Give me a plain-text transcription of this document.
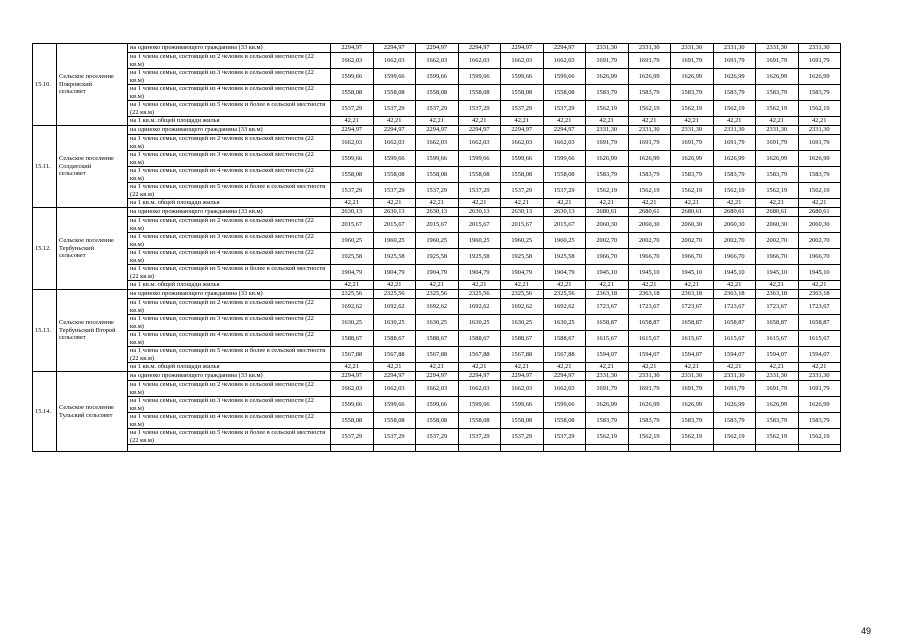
15.10.	Сельское поселение
Покровский
сельсовет	на одиноко проживающего гражданина (33 кв.м)	2294,97	2294,97	2294,97	2294,97	2294,97	2294,97	2331,30	2331,30	2331,30	2331,30	2331,30	2331,30
		на 1 члена семьи, состоящей из 2 человек в сельской местности (22 кв.м)	1662,03	1662,03	1662,03	1662,03	1662,03	1662,03	1691,79	1691,79	1691,79	1691,79	1691,79	1691,79
		на 1 члена семьи, состоящей из 3 человек в сельской местности (22 кв.м)	1599,66	1599,66	1599,66	1599,66	1599,66	1599,66	1626,99	1626,99	1626,99	1626,99	1626,99	1626,99
		на 1 члена семьи, состоящей из 4 человек в сельской местности (22 кв.м)	1558,08	1558,08	1558,08	1558,08	1558,08	1558,08	1583,79	1583,79	1583,79	1583,79	1583,79	1583,79
		на 1 члена семьи, состоящей из 5 человек и более в сельской местности (22 кв.м)	1537,29	1537,29	1537,29	1537,29	1537,29	1537,29	1562,19	1562,19	1562,19	1562,19	1562,19	1562,19
		на 1 кв.м. общей площади жилья	42,21	42,21	42,21	42,21	42,21	42,21	42,21	42,21	42,21	42,21	42,21	42,21
15.11.	Сельское поселение
Солдатский
сельсовет	на одиноко проживающего гражданина (33 кв.м)	2294,97	2294,97	2294,97	2294,97	2294,97	2294,97	2331,30	2331,30	2331,30	2331,30	2331,30	2331,30
		на 1 члена семьи, состоящей из 2 человек в сельской местности (22 кв.м)	1662,03	1662,03	1662,03	1662,03	1662,03	1662,03	1691,79	1691,79	1691,79	1691,79	1691,79	1691,79
		на 1 члена семьи, состоящей из 3 человек в сельской местности (22 кв.м)	1599,66	1599,66	1599,66	1599,66	1599,66	1599,66	1626,99	1626,99	1626,99	1626,99	1626,99	1626,99
		на 1 члена семьи, состоящей из 4 человек в сельской местности (22 кв.м)	1558,08	1558,08	1558,08	1558,08	1558,08	1558,08	1583,79	1583,79	1583,79	1583,79	1583,79	1583,79
		на 1 члена семьи, состоящей из 5 человек и более в сельской местности (22 кв.м)	1537,29	1537,29	1537,29	1537,29	1537,29	1537,29	1562,19	1562,19	1562,19	1562,19	1562,19	1562,19
		на 1 кв.м. общей площади жилья	42,21	42,21	42,21	42,21	42,21	42,21	42,21	42,21	42,21	42,21	42,21	42,21
15.12.	Сельское поселение
Тербуньский
сельсовет	на одиноко проживающего гражданина (33 кв.м)	2630,13	2630,13	2630,13	2630,13	2630,13	2630,13	2680,61	2680,61	2680,61	2680,61	2680,61	2680,61
		на 1 члена семьи, состоящей из 2 человек в сельской местности (22 кв.м)	2015,67	2015,67	2015,67	2015,67	2015,67	2015,67	2060,30	2060,30	2060,30	2060,30	2060,30	2060,30
		на 1 члена семьи, состоящей из 3 человек в сельской местности (22 кв.м)	1960,25	1960,25	1960,25	1960,25	1960,25	1960,25	2002,70	2002,70	2002,70	2002,70	2002,70	2002,70
		на 1 члена семьи, состоящей из 4 человек в сельской местности (22 кв.м)	1925,58	1925,58	1925,58	1925,58	1925,58	1925,58	1966,70	1966,70	1966,70	1966,70	1966,70	1966,70
		на 1 члена семьи, состоящей из 5 человек и более в сельской местности (22 кв.м)	1904,79	1904,79	1904,79	1904,79	1904,79	1904,79	1945,10	1945,10	1945,10	1945,10	1945,10	1945,10
		на 1 кв.м. общей площади жилья	42,21	42,21	42,21	42,21	42,21	42,21	42,21	42,21	42,21	42,21	42,21	42,21
15.13.	Сельское поселение
Тербуньский Второй
сельсовет	на одиноко проживающего гражданина (33 кв.м)	2325,56	2325,56	2325,56	2325,56	2325,56	2325,56	2363,18	2363,18	2363,18	2363,18	2363,18	2363,18
		на 1 члена семьи, состоящей из 2 человек в сельской местности (22 кв.м)	1692,62	1692,62	1692,62	1692,62	1692,62	1692,62	1723,67	1723,67	1723,67	1723,67	1723,67	1723,67
		на 1 члена семьи, состоящей из 3 человек в сельской местности (22 кв.м)	1630,25	1630,25	1630,25	1630,25	1630,25	1630,25	1658,87	1658,87	1658,87	1658,87	1658,87	1658,87
		на 1 члена семьи, состоящей из 4 человек в сельской местности (22 кв.м)	1588,67	1588,67	1588,67	1588,67	1588,67	1588,67	1615,67	1615,67	1615,67	1615,67	1615,67	1615,67
		на 1 члена семьи, состоящей из 5 человек и более в сельской местности (22 кв.м)	1567,88	1567,88	1567,88	1567,88	1567,88	1567,88	1594,07	1594,07	1594,07	1594,07	1594,07	1594,07
		на 1 кв.м. общей площади жилья	42,21	42,21	42,21	42,21	42,21	42,21	42,21	42,21	42,21	42,21	42,21	42,21
15.14.	Сельское поселение
Тульский сельсовет	на одиноко проживающего гражданина (33 кв.м)	2294,97	2294,97	2294,97	2294,97	2294,97	2294,97	2331,30	2331,30	2331,30	2331,30	2331,30	2331,30
		на 1 члена семьи, состоящей из 2 человек в сельской местности (22 кв.м)	1662,03	1662,03	1662,03	1662,03	1662,03	1662,03	1691,79	1691,79	1691,79	1691,79	1691,79	1691,79
		на 1 члена семьи, состоящей из 3 человек в сельской местности (22 кв.м)	1599,66	1599,66	1599,66	1599,66	1599,66	1599,66	1626,99	1626,99	1626,99	1626,99	1626,99	1626,99
		на 1 члена семьи, состоящей из 4 человек в сельской местности (22 кв.м)	1558,08	1558,08	1558,08	1558,08	1558,08	1558,08	1583,79	1583,79	1583,79	1583,79	1583,79	1583,79
		на 1 члена семьи, состоящей из 5 человек и более в сельской местности (22 кв.м)	1537,29	1537,29	1537,29	1537,29	1537,29	1537,29	1562,19	1562,19	1562,19	1562,19	1562,19	1562,19

49
